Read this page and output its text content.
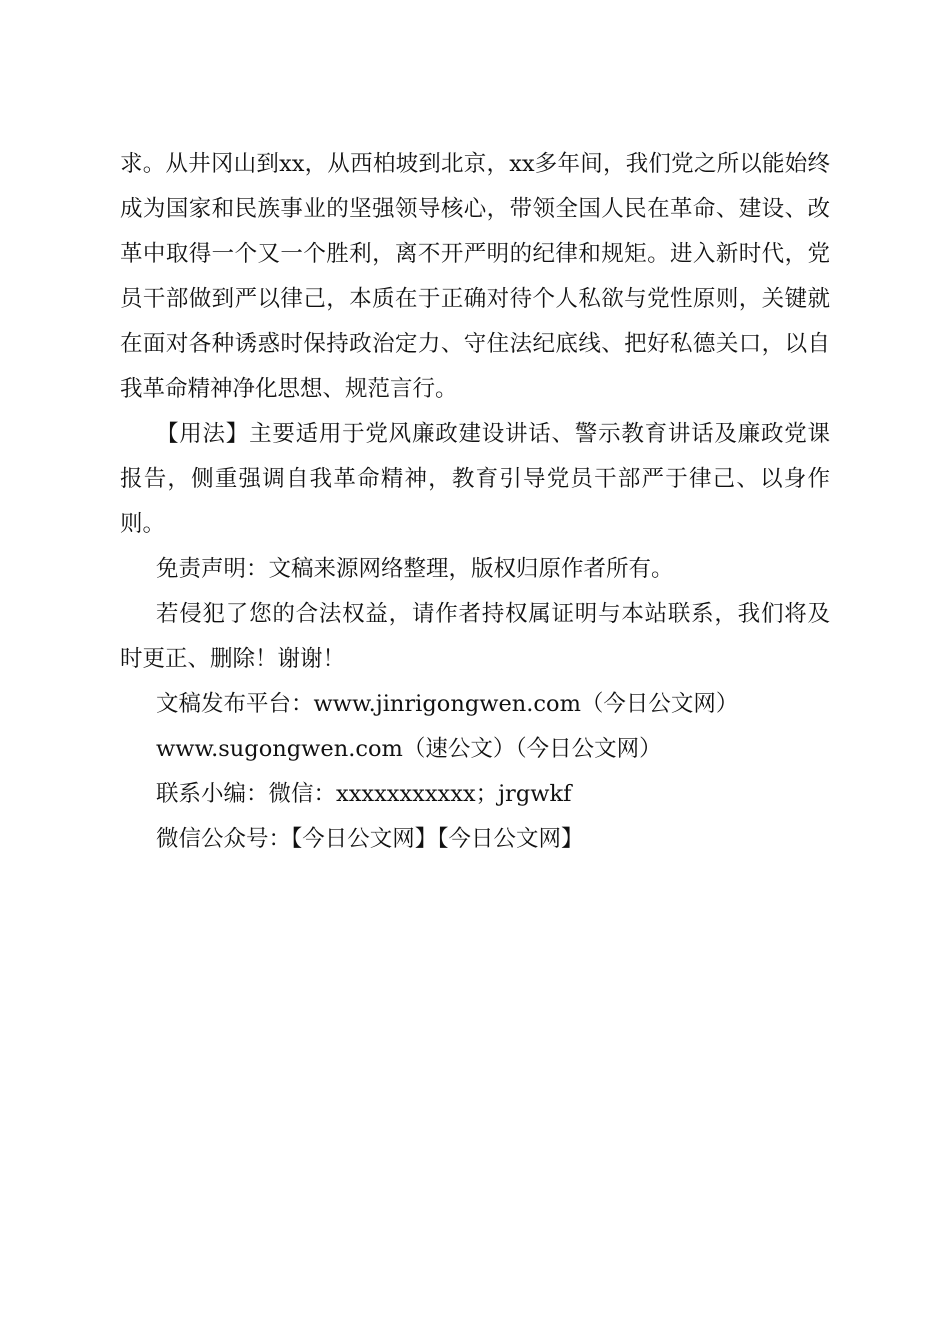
求。从井冈山到xx，从西柏坡到北京，xx多年间，我们党之所以能始终成为国家和民族事业的坚强领导核心，带领全国人民在革命、建设、改革中取得一个又一个胜利，离不开严明的纪律和规矩。进入新时代，党员干部做到严以律己，本质在于正确对待个人私欲与党性原则，关键就在面对各种诱惑时保持政治定力、守住法纪底线、把好私德关口，以自我革命精神净化思想、规范言行。

【用法】主要适用于党风廉政建设讲话、警示教育讲话及廉政党课报告，侧重强调自我革命精神，教育引导党员干部严于律己、以身作则。

免责声明：文稿来源网络整理，版权归原作者所有。

若侵犯了您的合法权益，请作者持权属证明与本站联系，我们将及时更正、删除！谢谢！

文稿发布平台：www.jinrigongwen.com（今日公文网）

www.sugongwen.com（速公文）（今日公文网）

联系小编：微信：xxxxxxxxxxx；jrgwkf

微信公众号：【今日公文网】【今日公文网】
